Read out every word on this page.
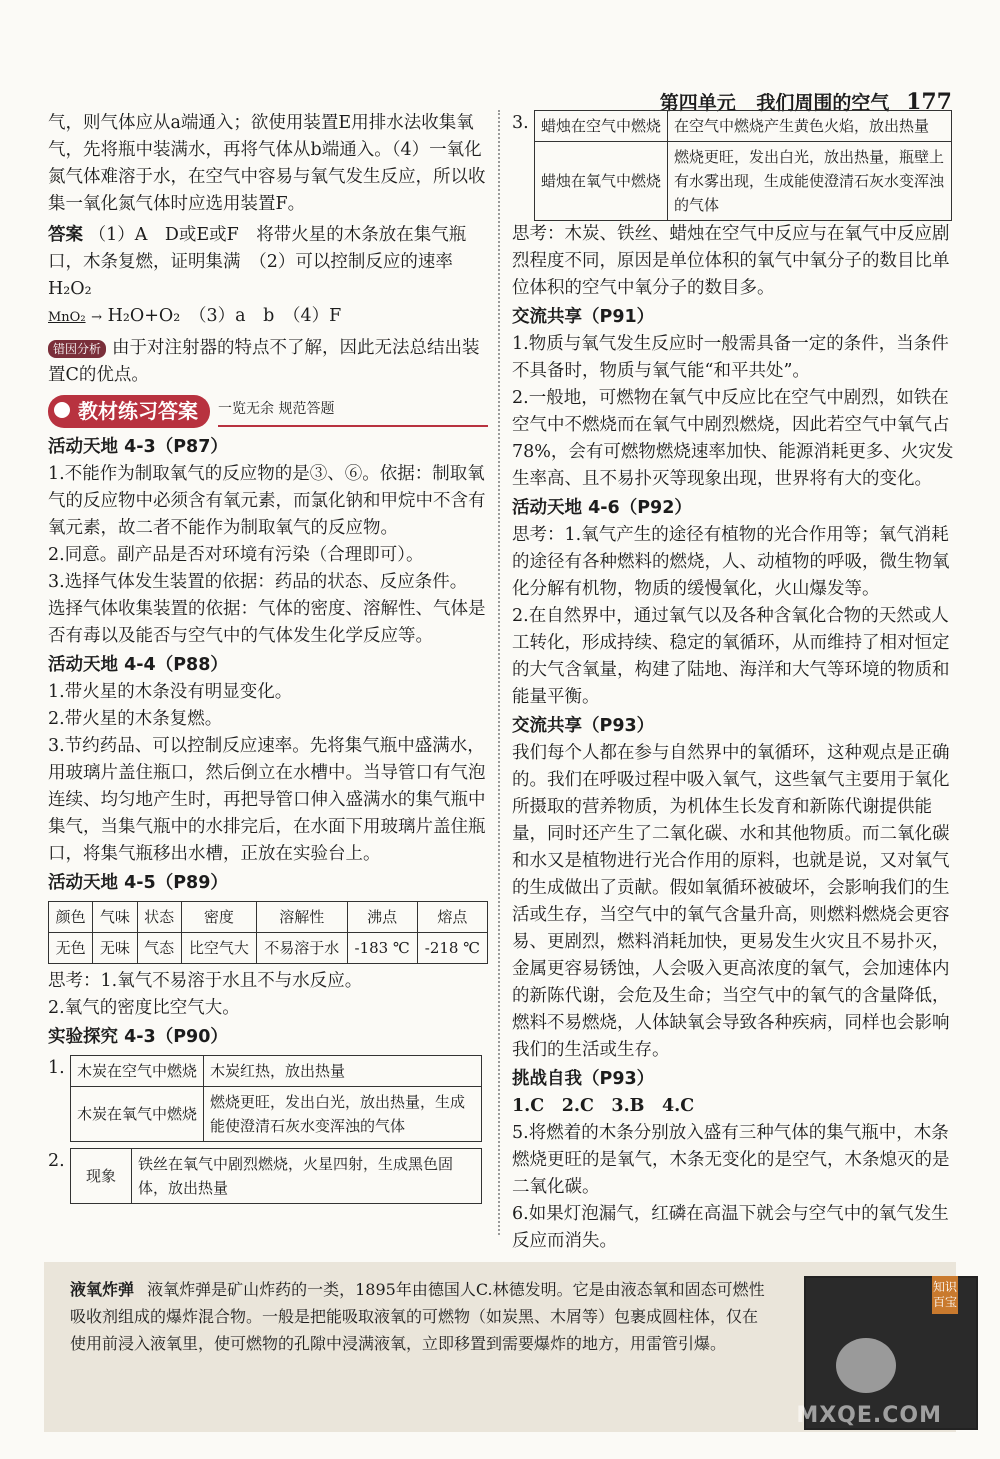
第四单元 我们周围的空气 177

气，则气体应从a端通入；欲使用装置E用排水法收集氧气，先将瓶中装满水，再将气体从b端通入。（4）一氧化氮气体难溶于水，在空气中容易与氧气发生反应，所以收集一氧化氮气体时应选用装置F。

答案 （1）A　D或E或F　将带火星的木条放在集气瓶口，木条复燃，证明集满　（2）可以控制反应的速率　H₂O₂
MnO₂ → H₂O+O₂　（3）a　b　（4）F

错因分析 由于对注射器的特点不了解，因此无法总结出装置C的优点。

教材练习答案	一览无余 规范答题

活动天地 4-3（P87）

1.不能作为制取氧气的反应物的是③、⑥。依据：制取氧气的反应物中必须含有氧元素，而氯化钠和甲烷中不含有氧元素，故二者不能作为制取氧气的反应物。

2.同意。副产品是否对环境有污染（合理即可）。

3.选择气体发生装置的依据：药品的状态、反应条件。

选择气体收集装置的依据：气体的密度、溶解性、气体是否有毒以及能否与空气中的气体发生化学反应等。

活动天地 4-4（P88）

1.带火星的木条没有明显变化。

2.带火星的木条复燃。

3.节约药品、可以控制反应速率。先将集气瓶中盛满水，用玻璃片盖住瓶口，然后倒立在水槽中。当导管口有气泡连续、均匀地产生时，再把导管口伸入盛满水的集气瓶中集气，当集气瓶中的水排完后，在水面下用玻璃片盖住瓶口，将集气瓶移出水槽，正放在实验台上。

活动天地 4-5（P89）

颜色	气味	状态	密度	溶解性	沸点	熔点
无色	无味	气态	比空气大	不易溶于水	-183 ℃	-218 ℃

思考：1.氧气不易溶于水且不与水反应。

2.氧气的密度比空气大。

实验探究 4-3（P90）

1. 木炭在空气中燃烧	木炭红热，放出热量
木炭在氧气中燃烧	燃烧更旺，发出白光，放出热量，生成能使澄清石灰水变浑浊的气体
2.
现象	铁丝在氧气中剧烈燃烧，火星四射，生成黑色固体，放出热量
3. 蜡烛在空气中燃烧	在空气中燃烧产生黄色火焰，放出热量
蜡烛在氧气中燃烧	燃烧更旺，发出白光，放出热量，瓶壁上有水雾出现，生成能使澄清石灰水变浑浊的气体

思考：木炭、铁丝、蜡烛在空气中反应与在氧气中反应剧烈程度不同，原因是单位体积的氧气中氧分子的数目比单位体积的空气中氧分子的数目多。

交流共享（P91）

1.物质与氧气发生反应时一般需具备一定的条件，当条件不具备时，物质与氧气能“和平共处”。

2.一般地，可燃物在氧气中反应比在空气中剧烈，如铁在空气中不燃烧而在氧气中剧烈燃烧，因此若空气中氧气占78%，会有可燃物燃烧速率加快、能源消耗更多、火灾发生率高、且不易扑灭等现象出现，世界将有大的变化。

活动天地 4-6（P92）

思考：1.氧气产生的途径有植物的光合作用等；氧气消耗的途径有各种燃料的燃烧，人、动植物的呼吸，微生物氧化分解有机物，物质的缓慢氧化，火山爆发等。

2.在自然界中，通过氧气以及各种含氧化合物的天然或人工转化，形成持续、稳定的氧循环，从而维持了相对恒定的大气含氧量，构建了陆地、海洋和大气等环境的物质和能量平衡。

交流共享（P93）

我们每个人都在参与自然界中的氧循环，这种观点是正确的。我们在呼吸过程中吸入氧气，这些氧气主要用于氧化所摄取的营养物质，为机体生长发育和新陈代谢提供能量，同时还产生了二氧化碳、水和其他物质。而二氧化碳和水又是植物进行光合作用的原料，也就是说，又对氧气的生成做出了贡献。假如氧循环被破坏，会影响我们的生活或生存，当空气中的氧气含量升高，则燃料燃烧会更容易、更剧烈，燃料消耗加快，更易发生火灾且不易扑灭，金属更容易锈蚀，人会吸入更高浓度的氧气，会加速体内的新陈代谢，会危及生命；当空气中的氧气的含量降低，燃料不易燃烧，人体缺氧会导致各种疾病，同样也会影响我们的生活或生存。

挑战自我（P93）

1.C　2.C　3.B　4.C

5.将燃着的木条分别放入盛有三种气体的集气瓶中，木条燃烧更旺的是氧气，木条无变化的是空气，木条熄灭的是二氧化碳。

6.如果灯泡漏气，红磷在高温下就会与空气中的氧气发生反应而消失。

液氧炸弹 液氧炸弹是矿山炸药的一类，1895年由德国人C.林德发明。它是由液态氧和固态可燃性吸收剂组成的爆炸混合物。一般是把能吸取液氧的可燃物（如炭黑、木屑等）包裹成圆柱体，仅在使用前浸入液氧里，使可燃物的孔隙中浸满液氧，立即移置到需要爆炸的地方，用雷管引爆。
知识百宝
MXQE.COM
